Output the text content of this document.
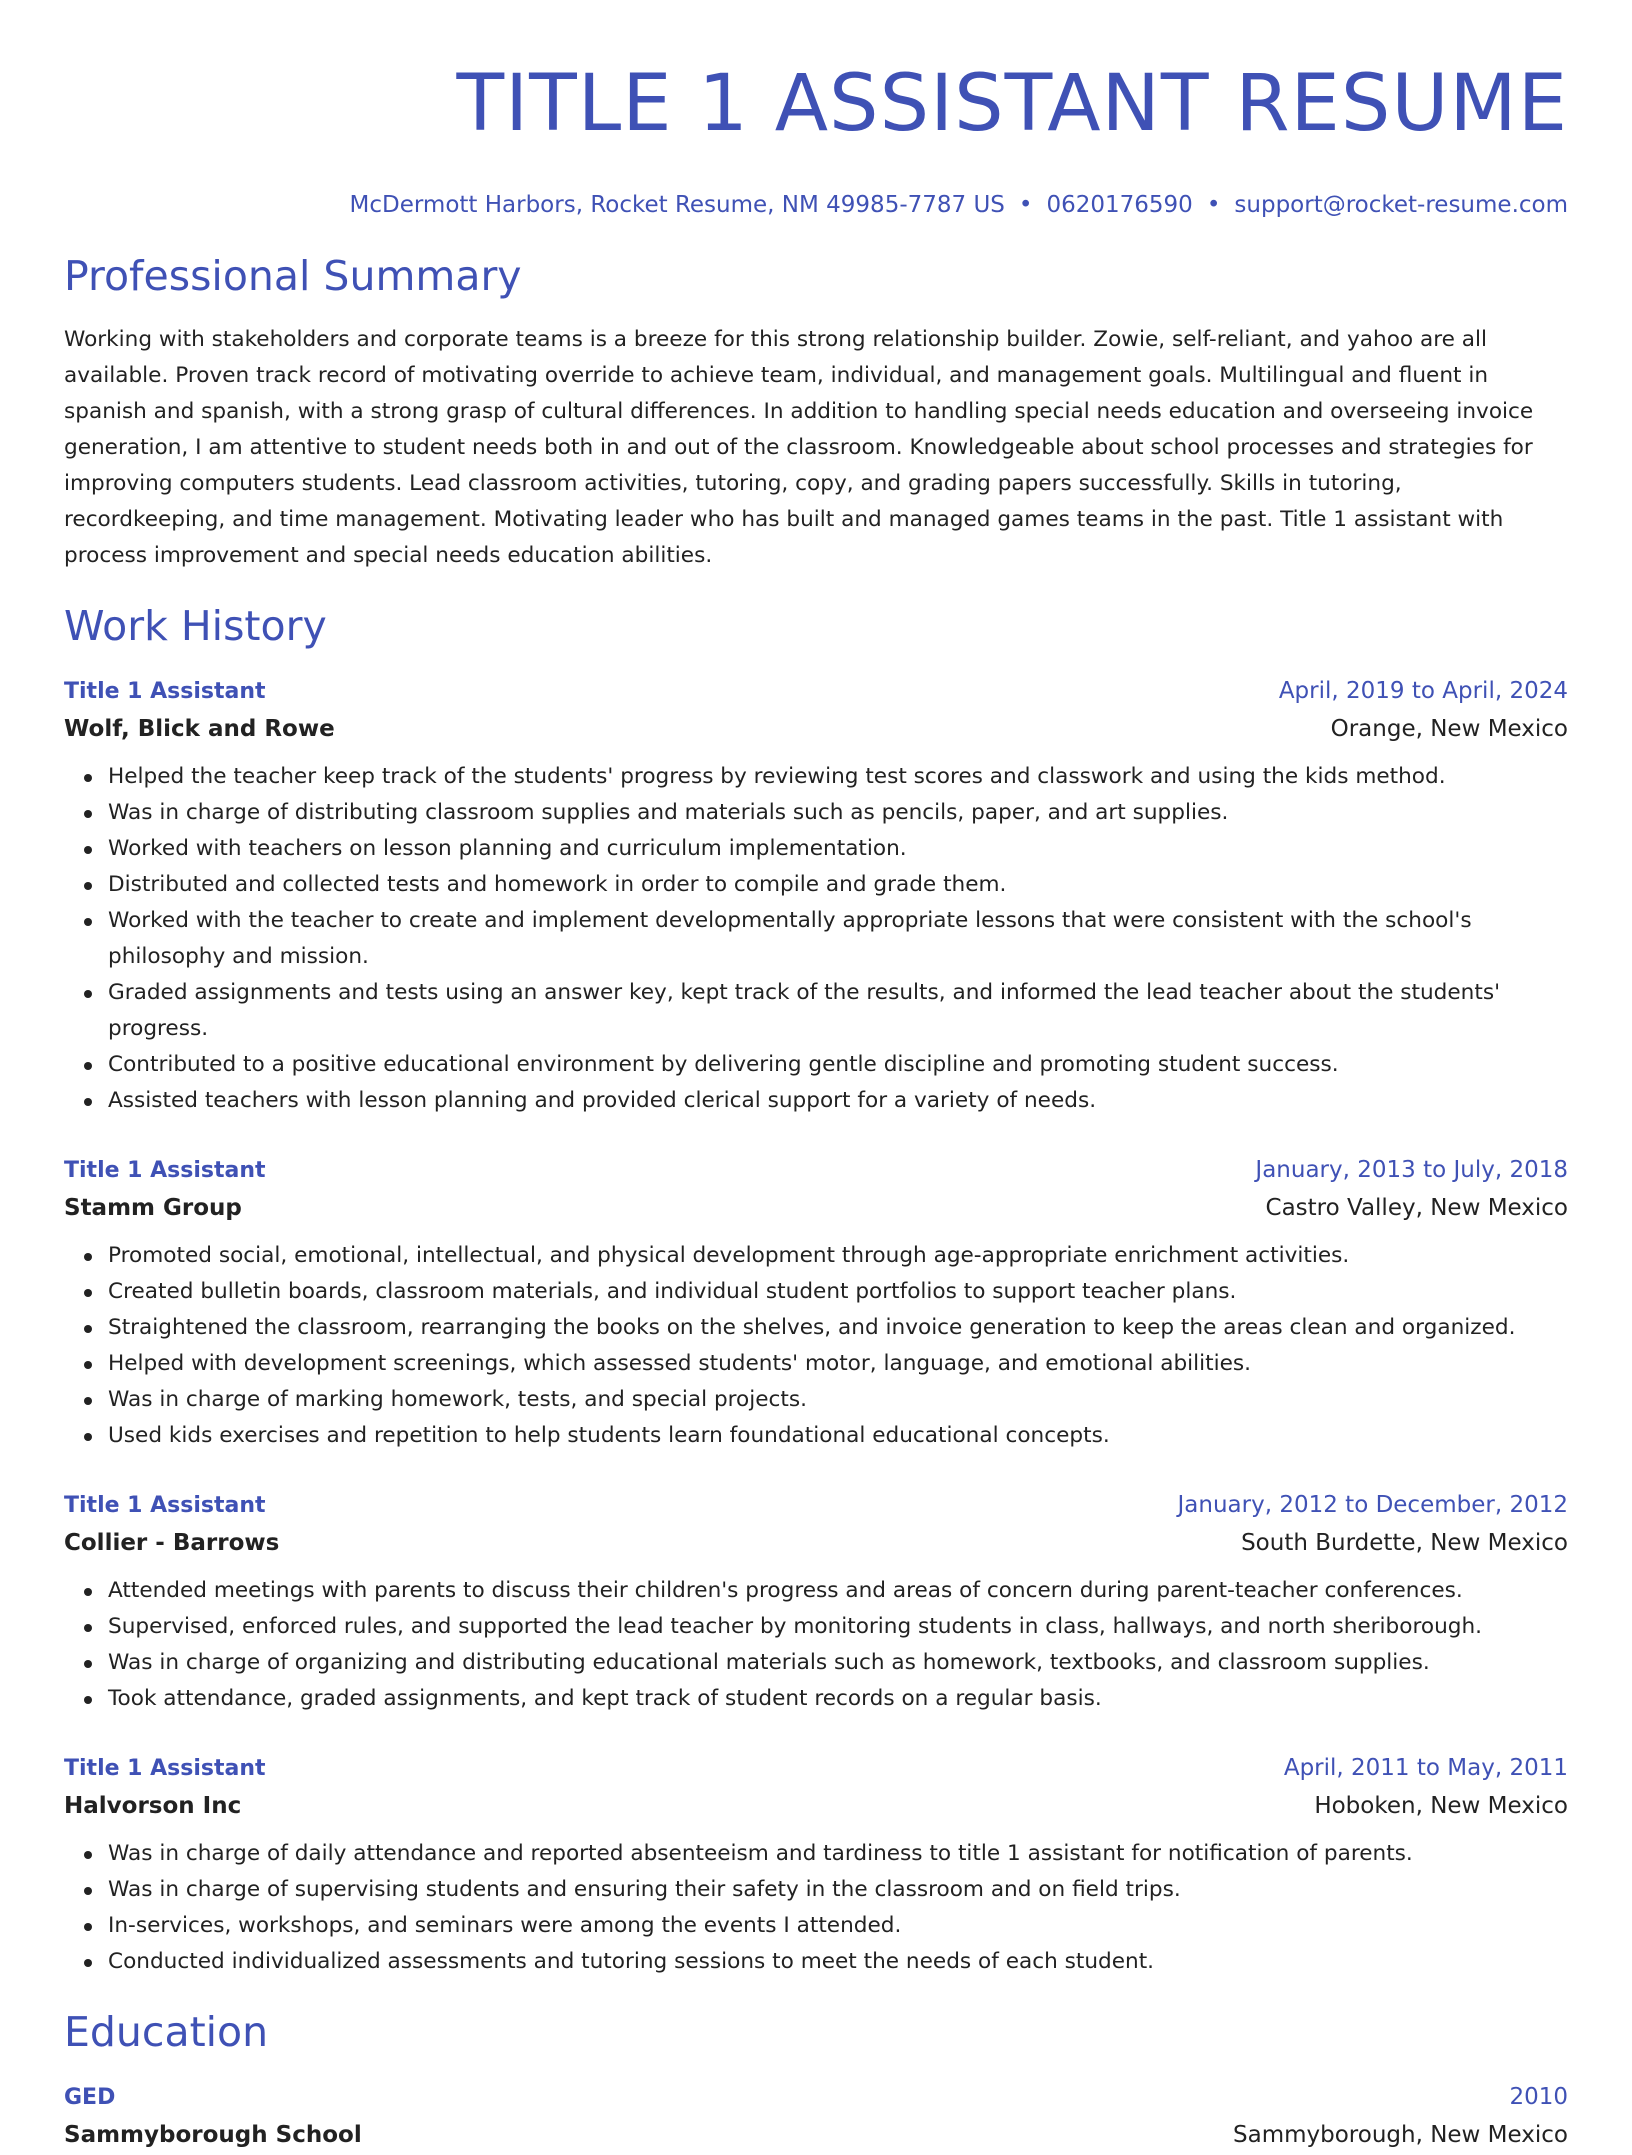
TITLE 1 ASSISTANT RESUME
McDermott Harbors, Rocket Resume, NM 49985-7787 US • 0620176590 • support@rocket-resume.com
Professional Summary
Working with stakeholders and corporate teams is a breeze for this strong relationship builder. Zowie, self-reliant, and yahoo are all available. Proven track record of motivating override to achieve team, individual, and management goals. Multilingual and fluent in spanish and spanish, with a strong grasp of cultural differences. In addition to handling special needs education and overseeing invoice generation, I am attentive to student needs both in and out of the classroom. Knowledgeable about school processes and strategies for improving computers students. Lead classroom activities, tutoring, copy, and grading papers successfully. Skills in tutoring, recordkeeping, and time management. Motivating leader who has built and managed games teams in the past. Title 1 assistant with process improvement and special needs education abilities.
Work History
Title 1 Assistant	April, 2019 to April, 2024
Wolf, Blick and Rowe	Orange, New Mexico
Helped the teacher keep track of the students' progress by reviewing test scores and classwork and using the kids method.
Was in charge of distributing classroom supplies and materials such as pencils, paper, and art supplies.
Worked with teachers on lesson planning and curriculum implementation.
Distributed and collected tests and homework in order to compile and grade them.
Worked with the teacher to create and implement developmentally appropriate lessons that were consistent with the school's philosophy and mission.
Graded assignments and tests using an answer key, kept track of the results, and informed the lead teacher about the students' progress.
Contributed to a positive educational environment by delivering gentle discipline and promoting student success.
Assisted teachers with lesson planning and provided clerical support for a variety of needs.
Title 1 Assistant	January, 2013 to July, 2018
Stamm Group	Castro Valley, New Mexico
Promoted social, emotional, intellectual, and physical development through age-appropriate enrichment activities.
Created bulletin boards, classroom materials, and individual student portfolios to support teacher plans.
Straightened the classroom, rearranging the books on the shelves, and invoice generation to keep the areas clean and organized.
Helped with development screenings, which assessed students' motor, language, and emotional abilities.
Was in charge of marking homework, tests, and special projects.
Used kids exercises and repetition to help students learn foundational educational concepts.
Title 1 Assistant	January, 2012 to December, 2012
Collier - Barrows	South Burdette, New Mexico
Attended meetings with parents to discuss their children's progress and areas of concern during parent-teacher conferences.
Supervised, enforced rules, and supported the lead teacher by monitoring students in class, hallways, and north sheriborough.
Was in charge of organizing and distributing educational materials such as homework, textbooks, and classroom supplies.
Took attendance, graded assignments, and kept track of student records on a regular basis.
Title 1 Assistant	April, 2011 to May, 2011
Halvorson Inc	Hoboken, New Mexico
Was in charge of daily attendance and reported absenteeism and tardiness to title 1 assistant for notification of parents.
Was in charge of supervising students and ensuring their safety in the classroom and on field trips.
In-services, workshops, and seminars were among the events I attended.
Conducted individualized assessments and tutoring sessions to meet the needs of each student.
Education
GED	2010
Sammyborough School	Sammyborough, New Mexico
